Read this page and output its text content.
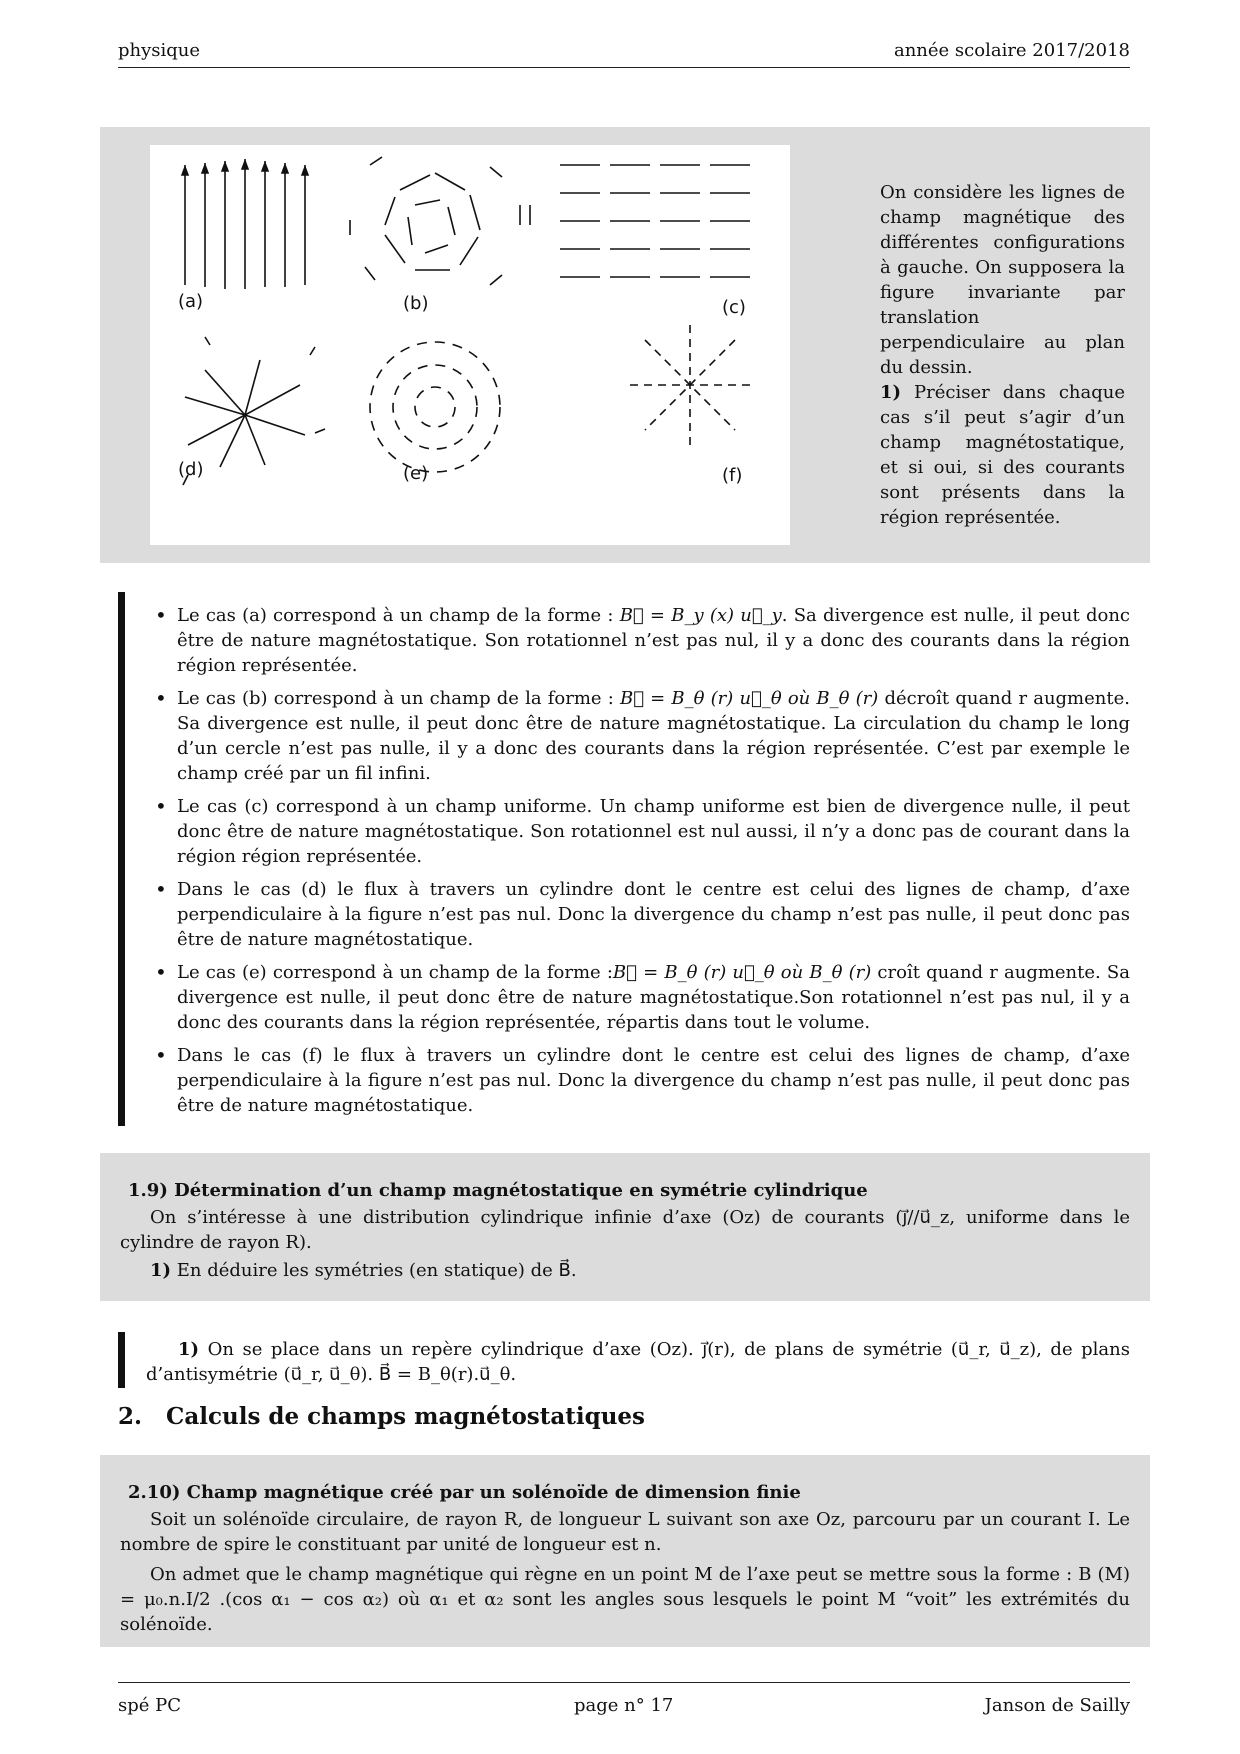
physique	année scolaire 2017/2018
(a)	(b)	(c)
(d)	(e)	(f)
On considère les lignes de champ magnétique des différentes configurations à gauche. On supposera la figure invariante par translation perpendiculaire au plan du dessin.
1) Préciser dans chaque cas s’il peut s’agir d’un champ magnétostatique, et si oui, si des courants sont présents dans la région représentée.
• Le cas (a) correspond à un champ de la forme : B⃗ = B_y (x) u⃗_y. Sa divergence est nulle, il peut donc être de nature magnétostatique. Son rotationnel n’est pas nul, il y a donc des courants dans la région région représentée.
• Le cas (b) correspond à un champ de la forme : B⃗ = B_θ (r) u⃗_θ où B_θ (r) décroît quand r augmente. Sa divergence est nulle, il peut donc être de nature magnétostatique. La circulation du champ le long d’un cercle n’est pas nulle, il y a donc des courants dans la région représentée. C’est par exemple le champ créé par un fil infini.
• Le cas (c) correspond à un champ uniforme. Un champ uniforme est bien de divergence nulle, il peut donc être de nature magnétostatique. Son rotationnel est nul aussi, il n’y a donc pas de courant dans la région région représentée.
• Dans le cas (d) le flux à travers un cylindre dont le centre est celui des lignes de champ, d’axe perpendiculaire à la figure n’est pas nul. Donc la divergence du champ n’est pas nulle, il peut donc pas être de nature magnétostatique.
• Le cas (e) correspond à un champ de la forme :B⃗ = B_θ (r) u⃗_θ où B_θ (r) croît quand r augmente. Sa divergence est nulle, il peut donc être de nature magnétostatique.Son rotationnel n’est pas nul, il y a donc des courants dans la région représentée, répartis dans tout le volume.
• Dans le cas (f) le flux à travers un cylindre dont le centre est celui des lignes de champ, d’axe perpendiculaire à la figure n’est pas nul. Donc la divergence du champ n’est pas nulle, il peut donc pas être de nature magnétostatique.
1.9) Détermination d’un champ magnétostatique en symétrie cylindrique
On s’intéresse à une distribution cylindrique infinie d’axe (Oz) de courants (j⃗//u⃗_z, uniforme dans le cylindre de rayon R).
1) En déduire les symétries (en statique) de B⃗.
1) On se place dans un repère cylindrique d’axe (Oz). j⃗(r), de plans de symétrie (u⃗_r, u⃗_z), de plans d’antisymétrie (u⃗_r, u⃗_θ). B⃗ = B_θ(r).u⃗_θ.
2. Calculs de champs magnétostatiques
2.10) Champ magnétique créé par un solénoïde de dimension finie
Soit un solénoïde circulaire, de rayon R, de longueur L suivant son axe Oz, parcouru par un courant I. Le nombre de spire le constituant par unité de longueur est n.
On admet que le champ magnétique qui règne en un point M de l’axe peut se mettre sous la forme : B (M) = μ₀.n.I/2 .(cos α₁ − cos α₂) où α₁ et α₂ sont les angles sous lesquels le point M “voit” les extrémités du solénoïde.
spé PC	page n° 17	Janson de Sailly
